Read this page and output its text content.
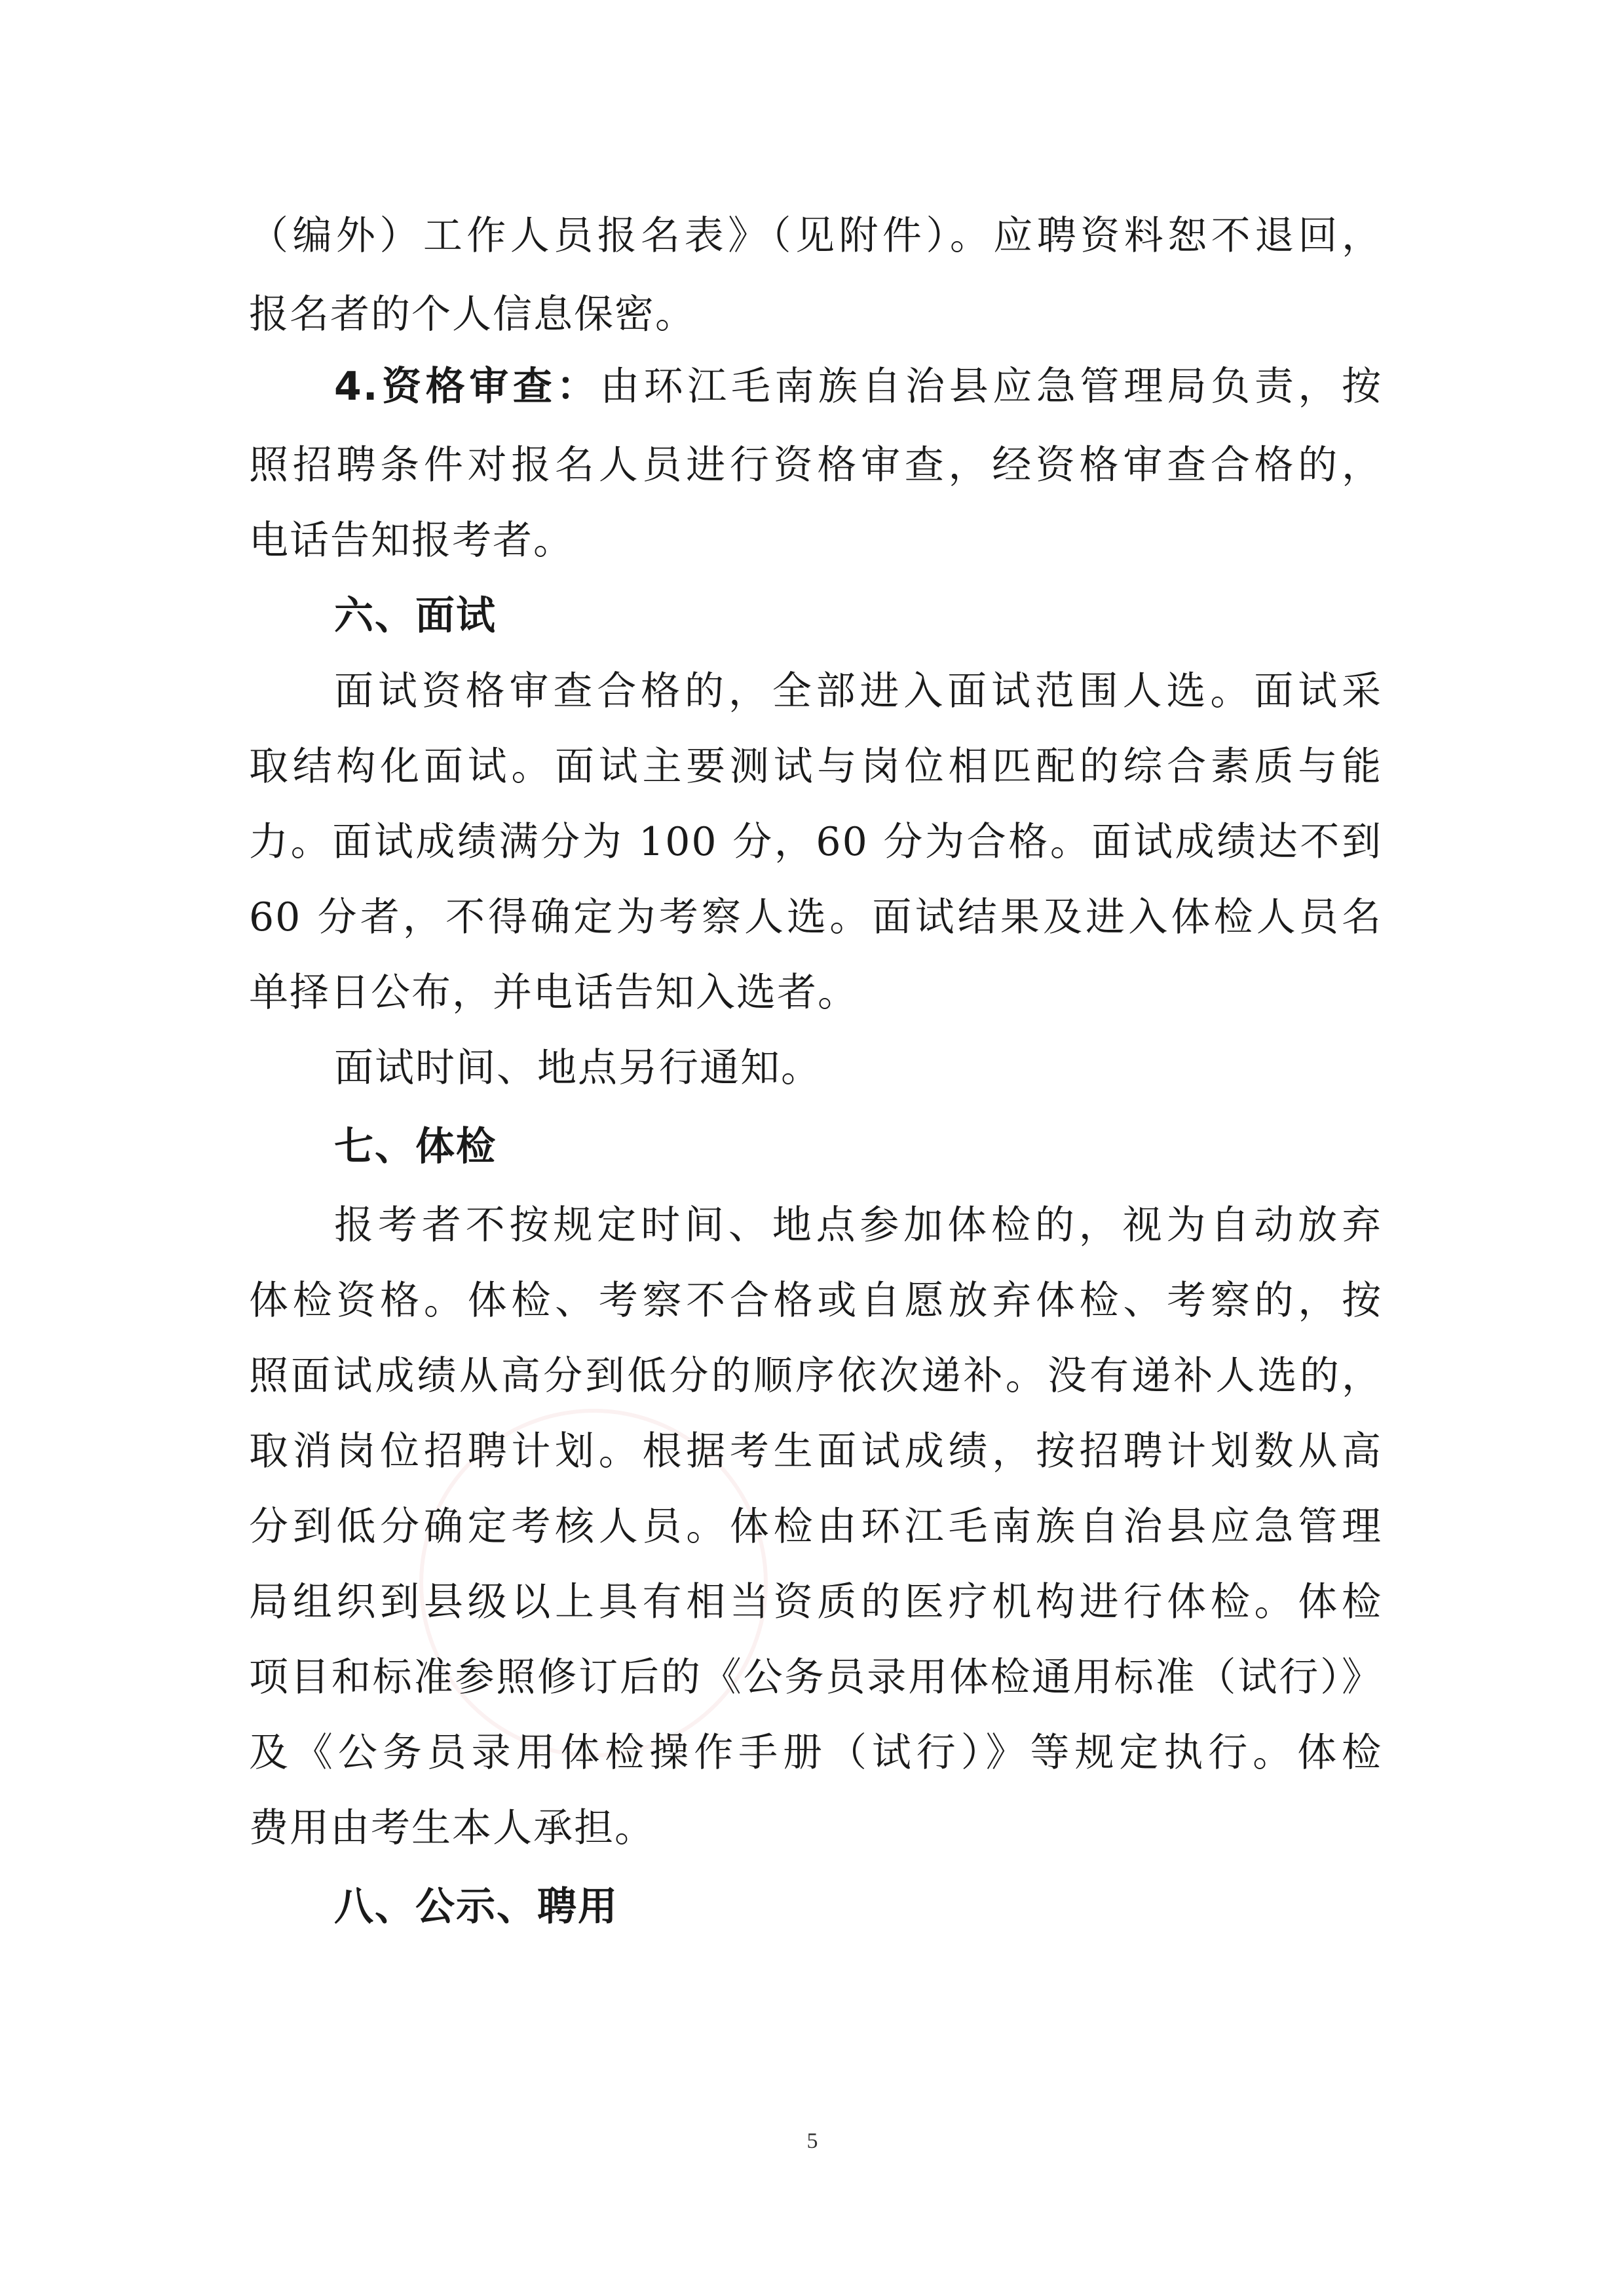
（编外）工作人员报名表》（见附件）。应聘资料恕不退回，
报名者的个人信息保密。
4.资格审查：由环江毛南族自治县应急管理局负责，按
照招聘条件对报名人员进行资格审查，经资格审查合格的，
电话告知报考者。
六、面试
面试资格审查合格的，全部进入面试范围人选。面试采
取结构化面试。面试主要测试与岗位相匹配的综合素质与能
力。面试成绩满分为 100 分，60 分为合格。面试成绩达不到
60 分者，不得确定为考察人选。面试结果及进入体检人员名
单择日公布，并电话告知入选者。
面试时间、地点另行通知。
七、体检
报考者不按规定时间、地点参加体检的，视为自动放弃
体检资格。体检、考察不合格或自愿放弃体检、考察的，按
照面试成绩从高分到低分的顺序依次递补。没有递补人选的，
取消岗位招聘计划。根据考生面试成绩，按招聘计划数从高
分到低分确定考核人员。体检由环江毛南族自治县应急管理
局组织到县级以上具有相当资质的医疗机构进行体检。体检
项目和标准参照修订后的《公务员录用体检通用标准（试行）》
及《公务员录用体检操作手册（试行）》等规定执行。体检
费用由考生本人承担。
八、公示、聘用
5
